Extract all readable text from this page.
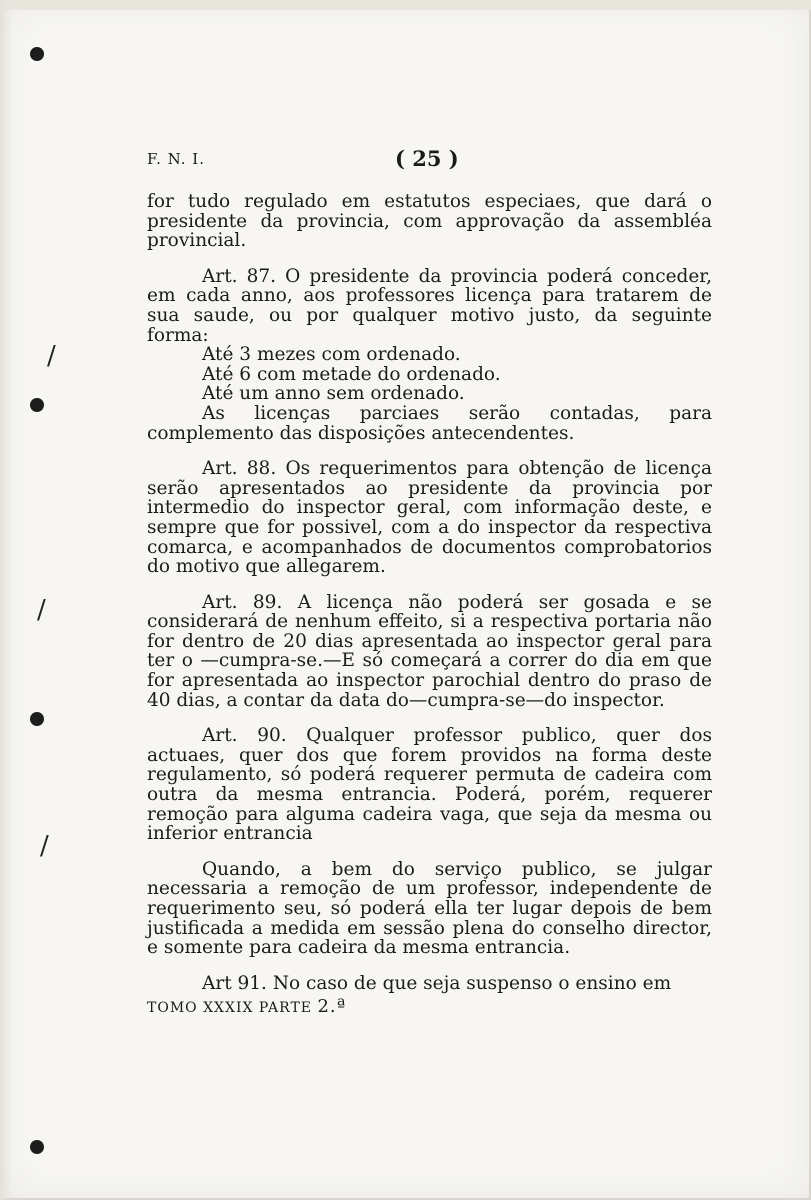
/
/
/
F. N. I.	( 25 )

for tudo regulado em estatutos especiaes, que dará o presidente da provincia, com approvação da assembléa provincial.

Art. 87. O presidente da provincia poderá conceder, em cada anno, aos professores licença para tratarem de sua saude, ou por qualquer motivo justo, da seguinte forma:

Até 3 mezes com ordenado.

Até 6 com metade do ordenado.

Até um anno sem ordenado.

As licenças parciaes serão contadas, para complemento das disposições antecendentes.

Art. 88. Os requerimentos para obtenção de licença serão apresentados ao presidente da provincia por intermedio do inspector geral, com informação deste, e sempre que for possivel, com a do inspector da respectiva comarca, e acompanhados de documentos comprobatorios do motivo que allegarem.

Art. 89. A licença não poderá ser gosada e se considerará de nenhum effeito, si a respectiva portaria não for dentro de 20 dias apresentada ao inspector geral para ter o —cumpra-se.—E só começará a correr do dia em que for apresentada ao inspector parochial dentro do praso de 40 dias, a contar da data do—cumpra-se—do inspector.

Art. 90. Qualquer professor publico, quer dos actuaes, quer dos que forem providos na forma deste regulamento, só poderá requerer permuta de cadeira com outra da mesma entrancia. Poderá, porém, requerer remoção para alguma cadeira vaga, que seja da mesma ou inferior entrancia

Quando, a bem do serviço publico, se julgar necessaria a remoção de um professor, independente de requerimento seu, só poderá ella ter lugar depois de bem justificada a medida em sessão plena do conselho director, e somente para cadeira da mesma entrancia.

Art 91. No caso de que seja suspenso o ensino em

TOMO XXXIX PARTE 2.ª
